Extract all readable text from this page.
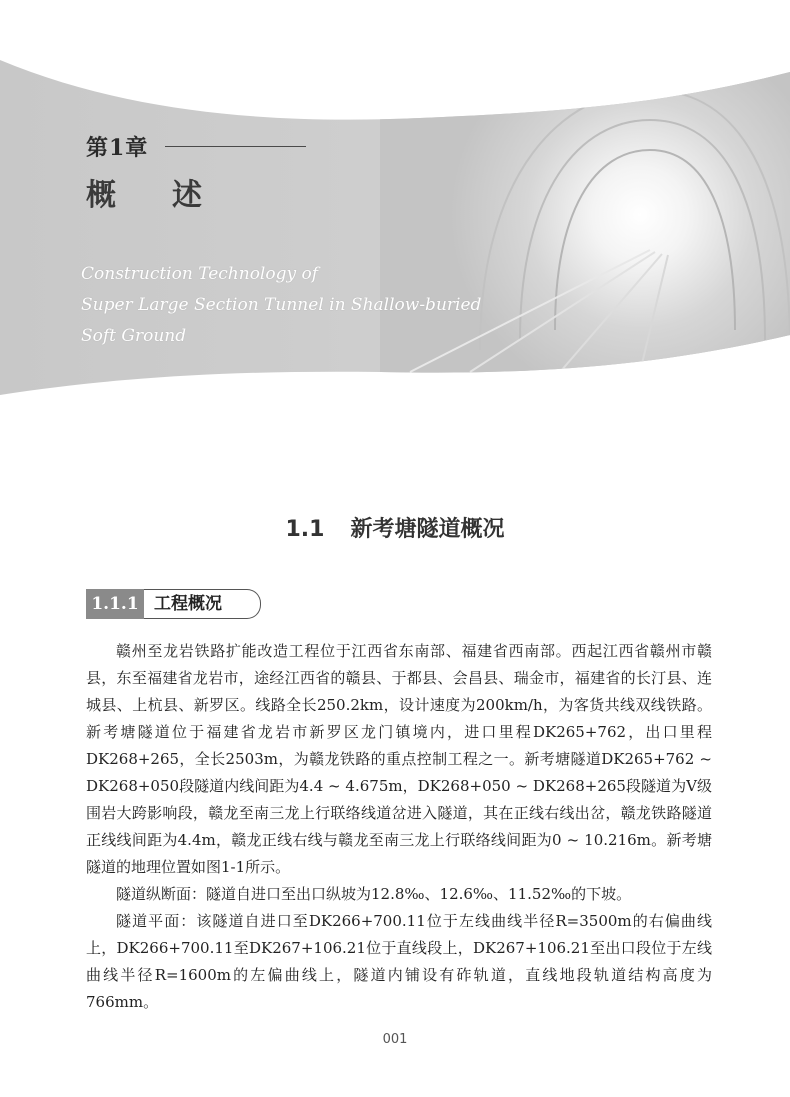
第1章
概述
Construction Technology of
Super Large Section Tunnel in Shallow-buried
Soft Ground
1.1 新考塘隧道概况
1.1.1 工程概况

赣州至龙岩铁路扩能改造工程位于江西省东南部、福建省西南部。西起江西省赣州市赣县，东至福建省龙岩市，途经江西省的赣县、于都县、会昌县、瑞金市，福建省的长汀县、连城县、上杭县、新罗区。线路全长250.2km，设计速度为200km/h，为客货共线双线铁路。新考塘隧道位于福建省龙岩市新罗区龙门镇境内，进口里程DK265+762，出口里程DK268+265，全长2503m，为赣龙铁路的重点控制工程之一。新考塘隧道DK265+762 ~ DK268+050段隧道内线间距为4.4 ~ 4.675m，DK268+050 ~ DK268+265段隧道为V级围岩大跨影响段，赣龙至南三龙上行联络线道岔进入隧道，其在正线右线出岔，赣龙铁路隧道正线线间距为4.4m，赣龙正线右线与赣龙至南三龙上行联络线间距为0 ~ 10.216m。新考塘隧道的地理位置如图1-1所示。

隧道纵断面：隧道自进口至出口纵坡为12.8‰、12.6‰、11.52‰的下坡。

隧道平面：该隧道自进口至DK266+700.11位于左线曲线半径R=3500m的右偏曲线上，DK266+700.11至DK267+106.21位于直线段上，DK267+106.21至出口段位于左线曲线半径R=1600m的左偏曲线上，隧道内铺设有砟轨道，直线地段轨道结构高度为766mm。

001
